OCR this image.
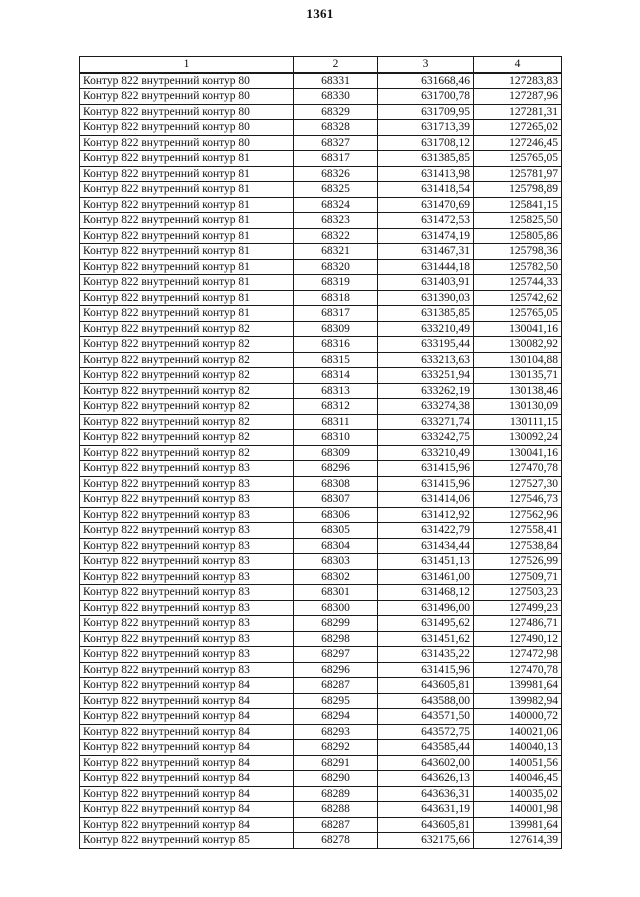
1361
1	2	3	4
Контур 822 внутренний контур 80	68331	631668,46	127283,83
Контур 822 внутренний контур 80	68330	631700,78	127287,96
Контур 822 внутренний контур 80	68329	631709,95	127281,31
Контур 822 внутренний контур 80	68328	631713,39	127265,02
Контур 822 внутренний контур 80	68327	631708,12	127246,45
Контур 822 внутренний контур 81	68317	631385,85	125765,05
Контур 822 внутренний контур 81	68326	631413,98	125781,97
Контур 822 внутренний контур 81	68325	631418,54	125798,89
Контур 822 внутренний контур 81	68324	631470,69	125841,15
Контур 822 внутренний контур 81	68323	631472,53	125825,50
Контур 822 внутренний контур 81	68322	631474,19	125805,86
Контур 822 внутренний контур 81	68321	631467,31	125798,36
Контур 822 внутренний контур 81	68320	631444,18	125782,50
Контур 822 внутренний контур 81	68319	631403,91	125744,33
Контур 822 внутренний контур 81	68318	631390,03	125742,62
Контур 822 внутренний контур 81	68317	631385,85	125765,05
Контур 822 внутренний контур 82	68309	633210,49	130041,16
Контур 822 внутренний контур 82	68316	633195,44	130082,92
Контур 822 внутренний контур 82	68315	633213,63	130104,88
Контур 822 внутренний контур 82	68314	633251,94	130135,71
Контур 822 внутренний контур 82	68313	633262,19	130138,46
Контур 822 внутренний контур 82	68312	633274,38	130130,09
Контур 822 внутренний контур 82	68311	633271,74	130111,15
Контур 822 внутренний контур 82	68310	633242,75	130092,24
Контур 822 внутренний контур 82	68309	633210,49	130041,16
Контур 822 внутренний контур 83	68296	631415,96	127470,78
Контур 822 внутренний контур 83	68308	631415,96	127527,30
Контур 822 внутренний контур 83	68307	631414,06	127546,73
Контур 822 внутренний контур 83	68306	631412,92	127562,96
Контур 822 внутренний контур 83	68305	631422,79	127558,41
Контур 822 внутренний контур 83	68304	631434,44	127538,84
Контур 822 внутренний контур 83	68303	631451,13	127526,99
Контур 822 внутренний контур 83	68302	631461,00	127509,71
Контур 822 внутренний контур 83	68301	631468,12	127503,23
Контур 822 внутренний контур 83	68300	631496,00	127499,23
Контур 822 внутренний контур 83	68299	631495,62	127486,71
Контур 822 внутренний контур 83	68298	631451,62	127490,12
Контур 822 внутренний контур 83	68297	631435,22	127472,98
Контур 822 внутренний контур 83	68296	631415,96	127470,78
Контур 822 внутренний контур 84	68287	643605,81	139981,64
Контур 822 внутренний контур 84	68295	643588,00	139982,94
Контур 822 внутренний контур 84	68294	643571,50	140000,72
Контур 822 внутренний контур 84	68293	643572,75	140021,06
Контур 822 внутренний контур 84	68292	643585,44	140040,13
Контур 822 внутренний контур 84	68291	643602,00	140051,56
Контур 822 внутренний контур 84	68290	643626,13	140046,45
Контур 822 внутренний контур 84	68289	643636,31	140035,02
Контур 822 внутренний контур 84	68288	643631,19	140001,98
Контур 822 внутренний контур 84	68287	643605,81	139981,64
Контур 822 внутренний контур 85	68278	632175,66	127614,39
